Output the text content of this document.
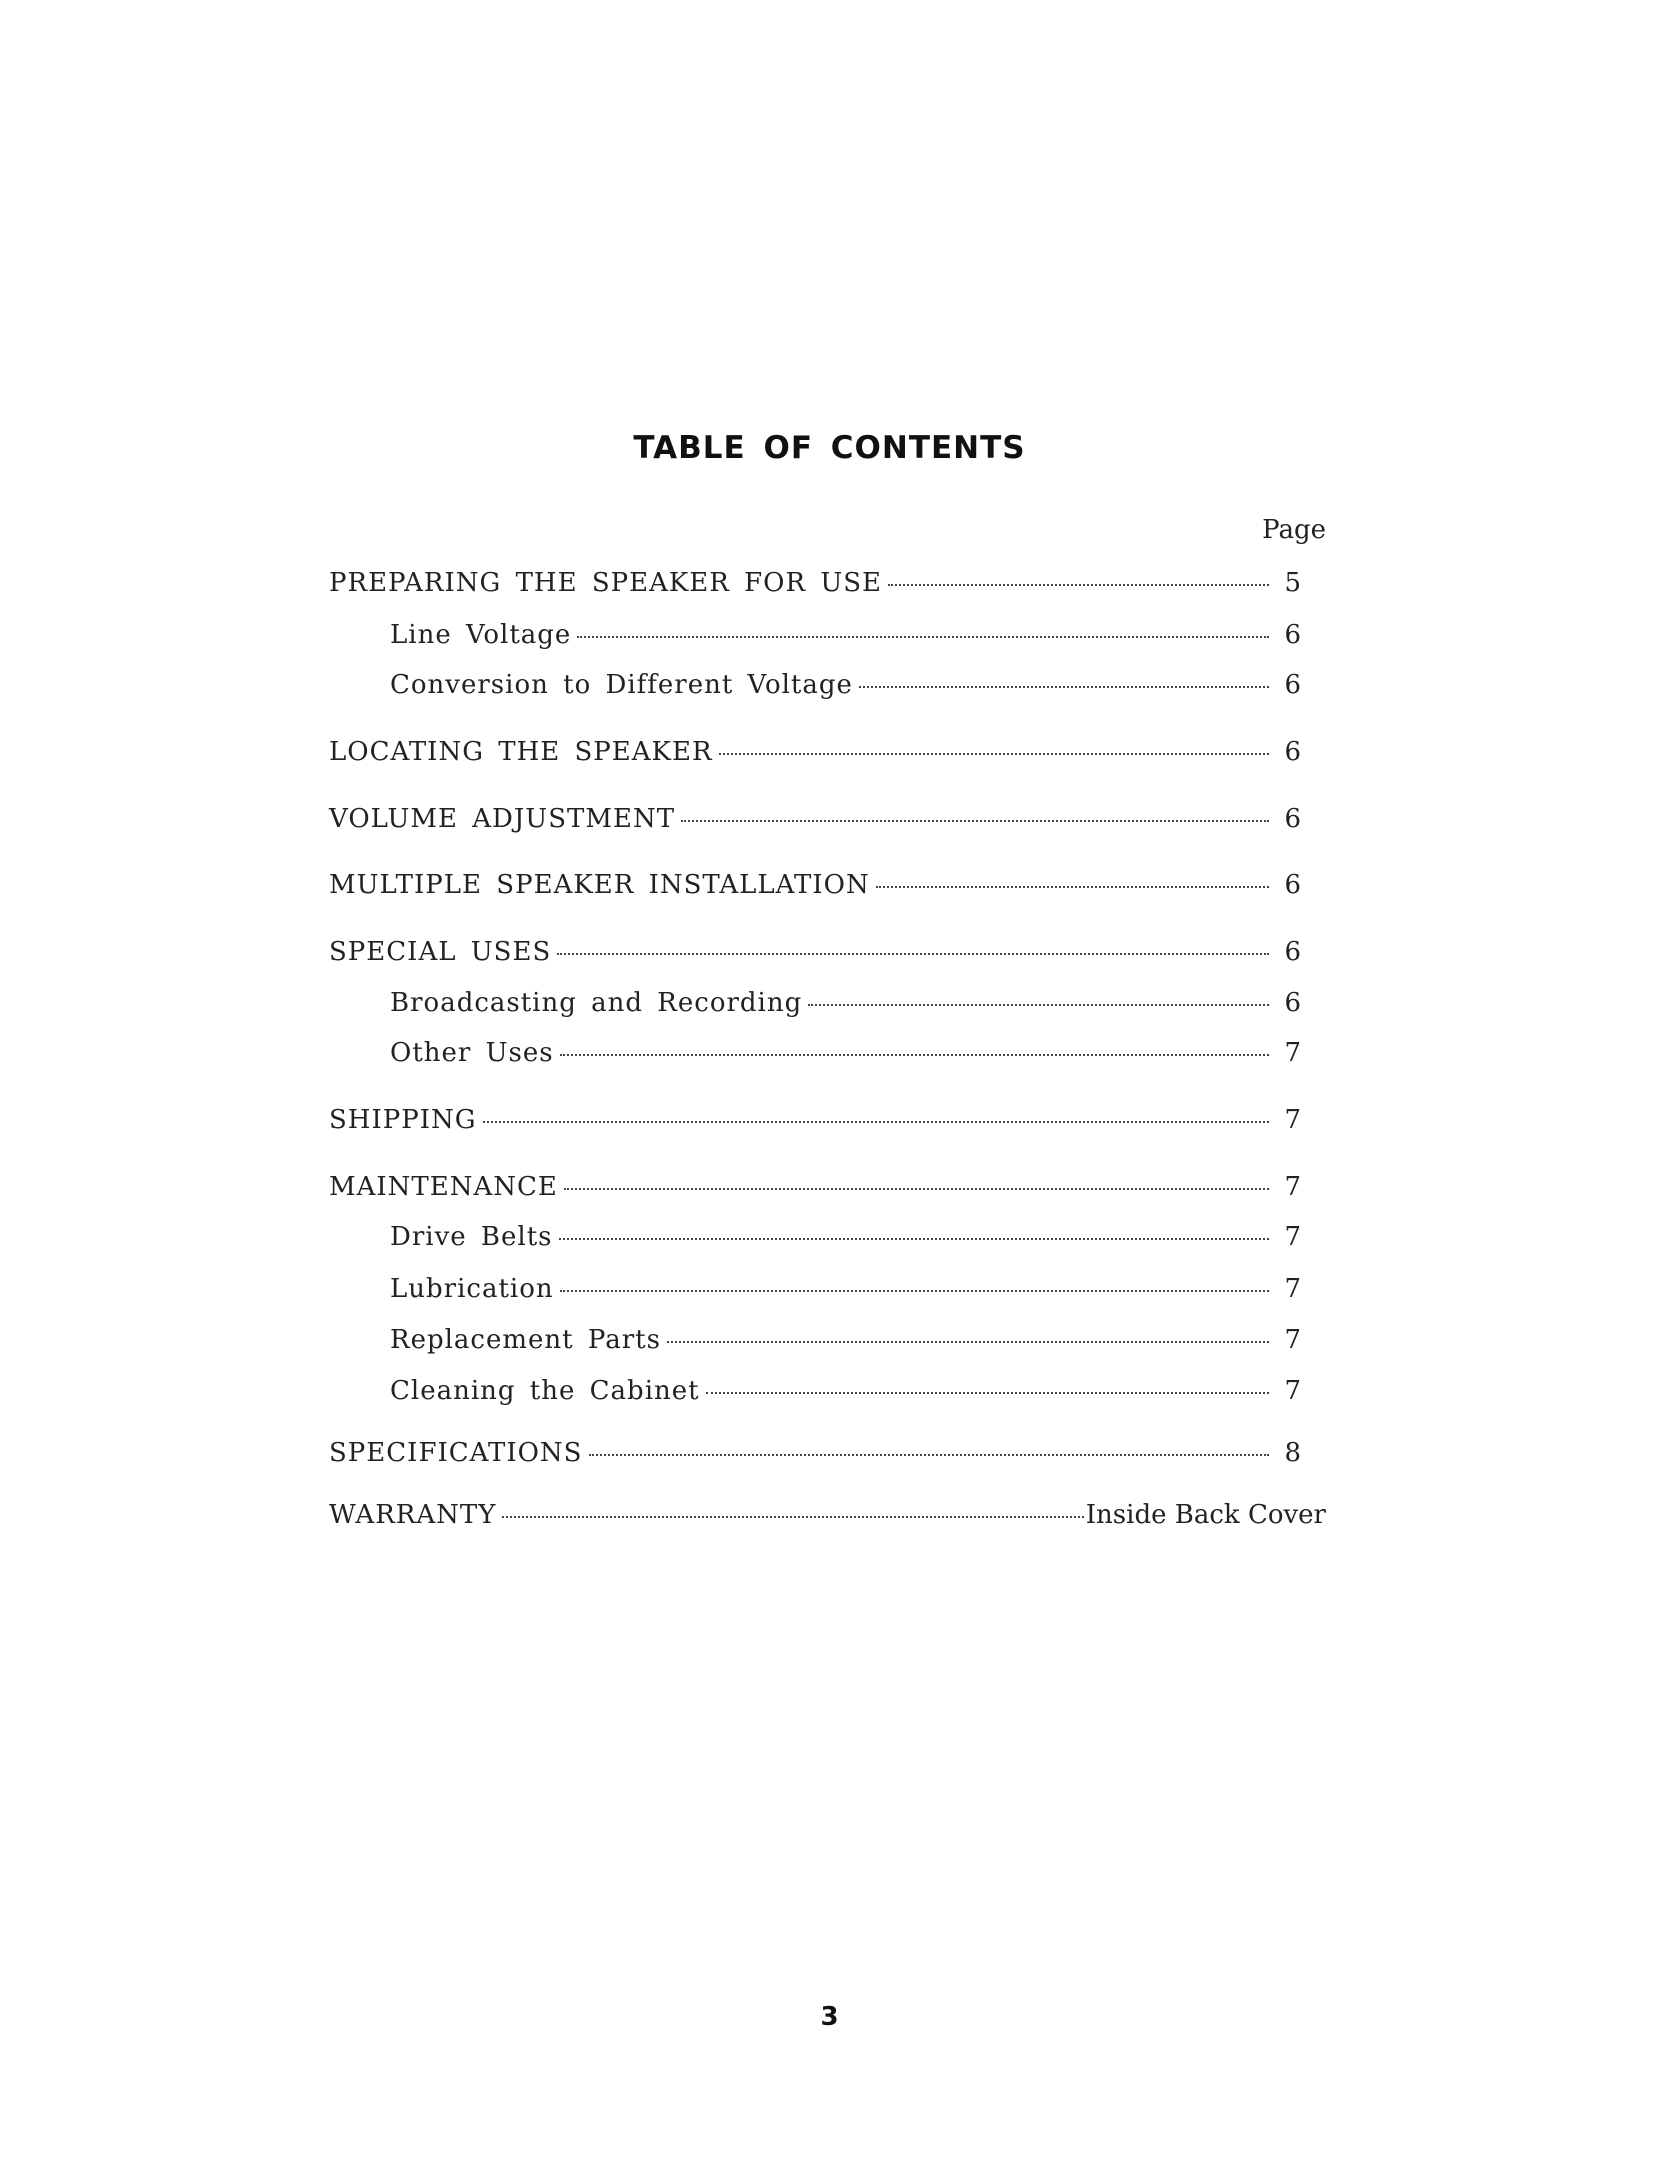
TABLE OF CONTENTS
Page
PREPARING THE SPEAKER FOR USE	5
Line Voltage	6
Conversion to Different Voltage	6
LOCATING THE SPEAKER	6
VOLUME ADJUSTMENT	6
MULTIPLE SPEAKER INSTALLATION	6
SPECIAL USES	6
Broadcasting and Recording	6
Other Uses	7
SHIPPING	7
MAINTENANCE	7
Drive Belts	7
Lubrication	7
Replacement Parts	7
Cleaning the Cabinet	7
SPECIFICATIONS	8
WARRANTY	Inside Back Cover
3
